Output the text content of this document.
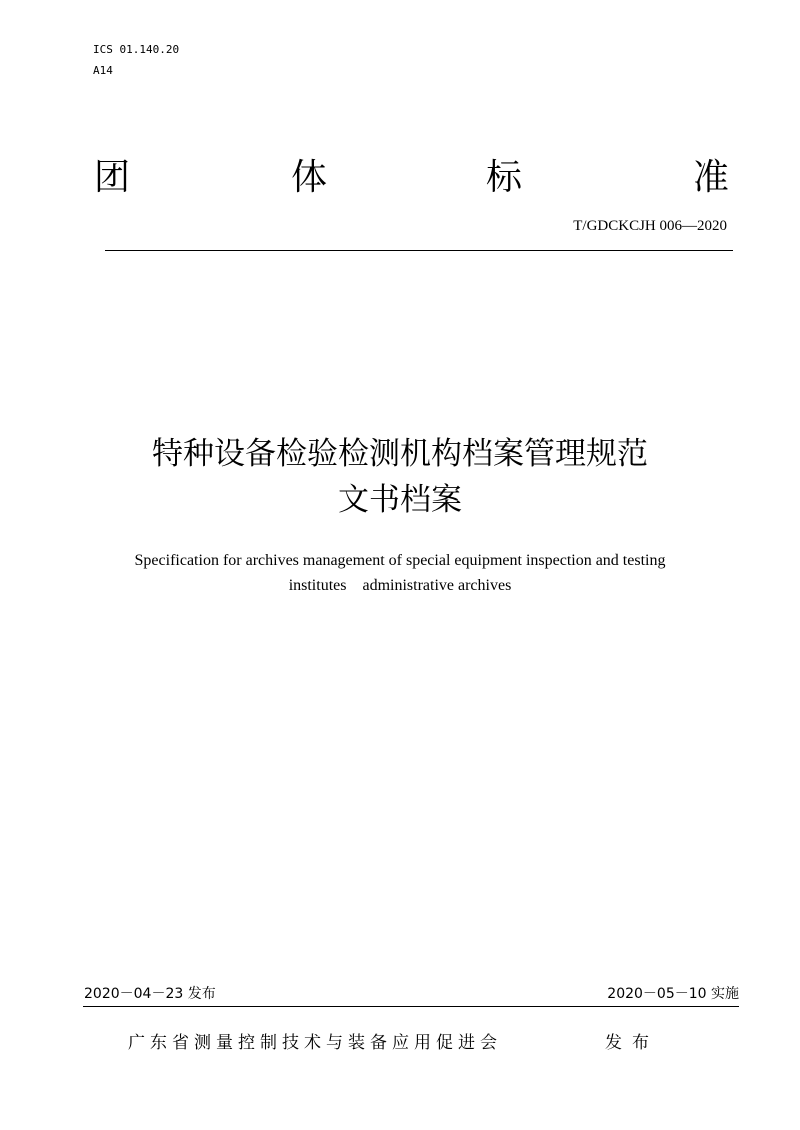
ICS 01.140.20
A14
团	体	标	准
T/GDCKCJH 006—2020
特种设备检验检测机构档案管理规范
文书档案
Specification for archives management of special equipment inspection and testing
institutes    administrative archives
2020－04－23 发布	2020－05－10 实施
广东省测量控制技术与装备应用促进会	发布
